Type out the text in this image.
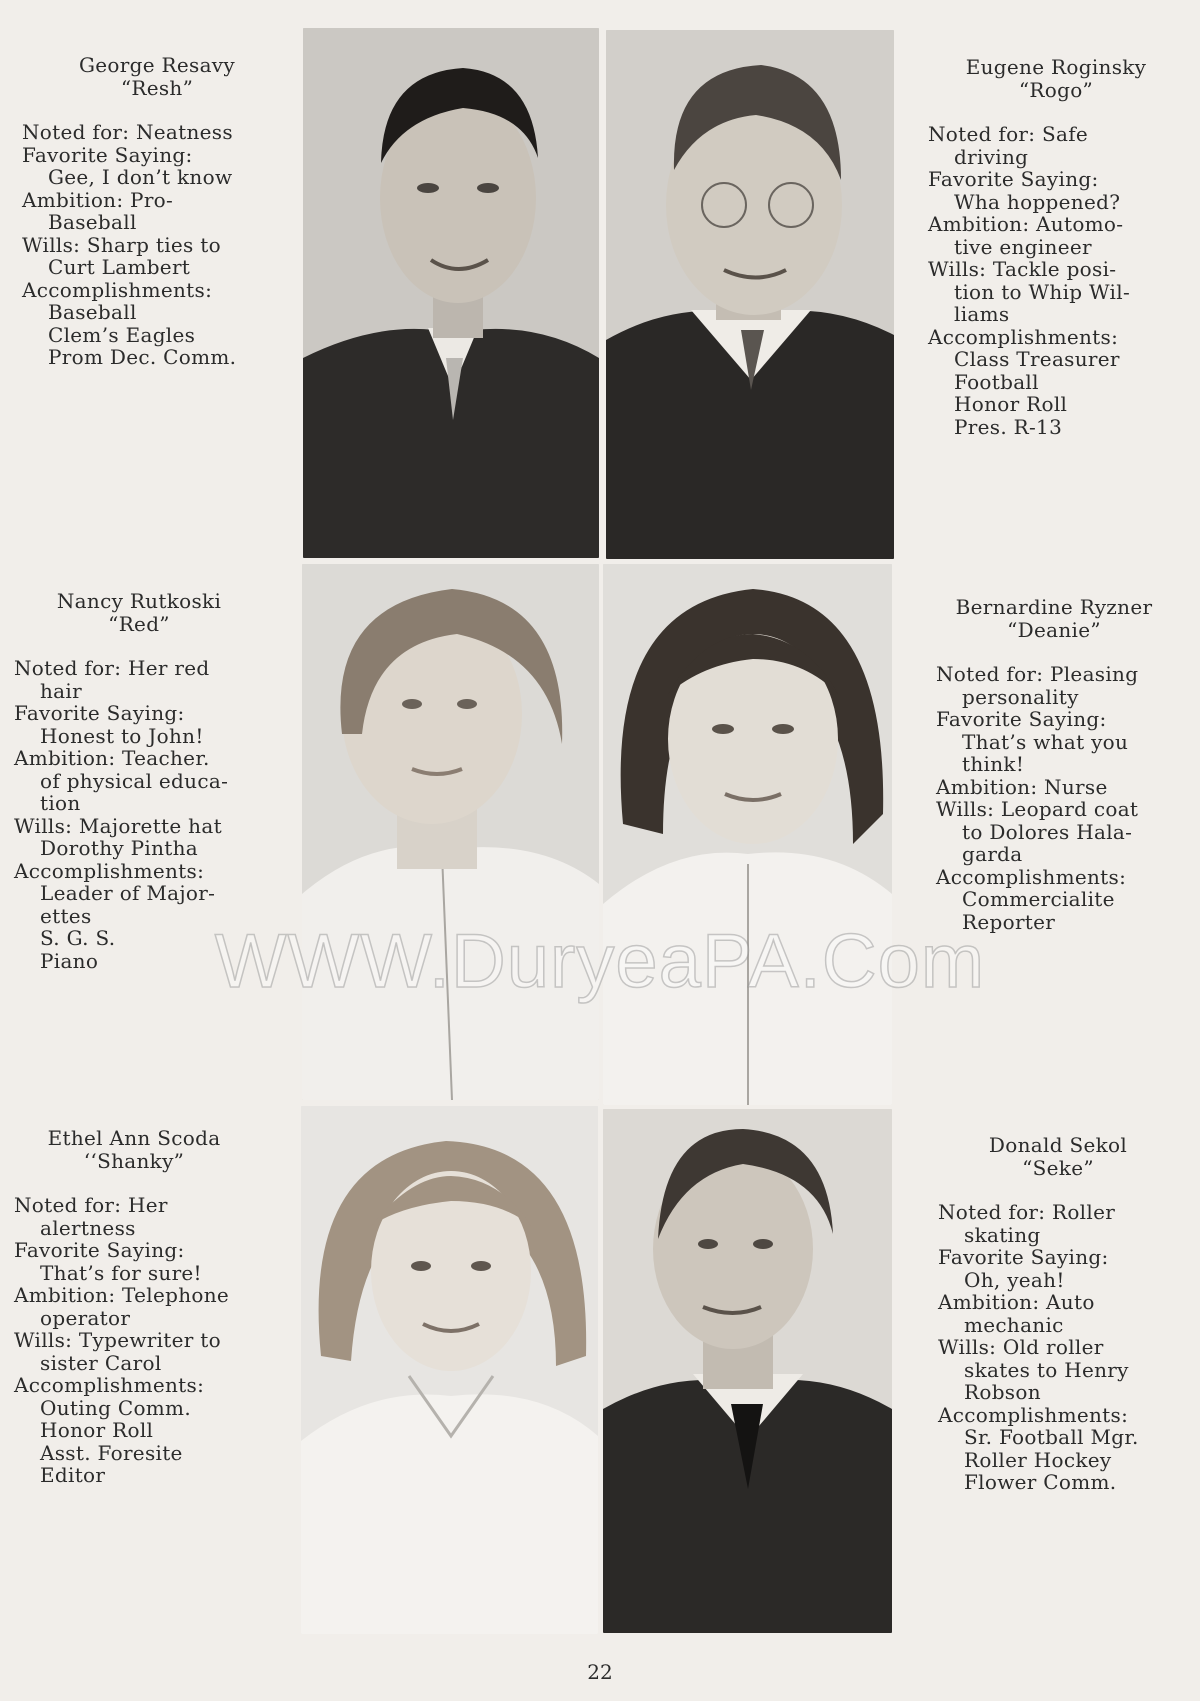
George Resavy
“Resh”
Noted for: Neatness
Favorite Saying:
Gee, I don’t know
Ambition: Pro-
Baseball
Wills: Sharp ties to
Curt Lambert
Accomplishments:
Baseball
Clem’s Eagles
Prom Dec. Comm.
Eugene Roginsky
“Rogo”
Noted for: Safe
driving
Favorite Saying:
Wha hoppened?
Ambition: Automo-
tive engineer
Wills: Tackle posi-
tion to Whip Wil-
liams
Accomplishments:
Class Treasurer
Football
Honor Roll
Pres. R-13
Nancy Rutkoski
“Red”
Noted for: Her red
hair
Favorite Saying:
Honest to John!
Ambition: Teacher.
of physical educa-
tion
Wills: Majorette hat
Dorothy Pintha
Accomplishments:
Leader of Major-
ettes
S. G. S.
Piano
Bernardine Ryzner
“Deanie”
Noted for: Pleasing
personality
Favorite Saying:
That’s what you
think!
Ambition: Nurse
Wills: Leopard coat
to Dolores Hala-
garda
Accomplishments:
Commercialite
Reporter
Ethel Ann Scoda
‘‘Shanky”
Noted for: Her
alertness
Favorite Saying:
That’s for sure!
Ambition: Telephone
operator
Wills: Typewriter to
sister Carol
Accomplishments:
Outing Comm.
Honor Roll
Asst. Foresite
Editor
Donald Sekol
“Seke”
Noted for: Roller
skating
Favorite Saying:
Oh, yeah!
Ambition: Auto
mechanic
Wills: Old roller
skates to Henry
Robson
Accomplishments:
Sr. Football Mgr.
Roller Hockey
Flower Comm.
WWW.DuryeaPA.Com
22
